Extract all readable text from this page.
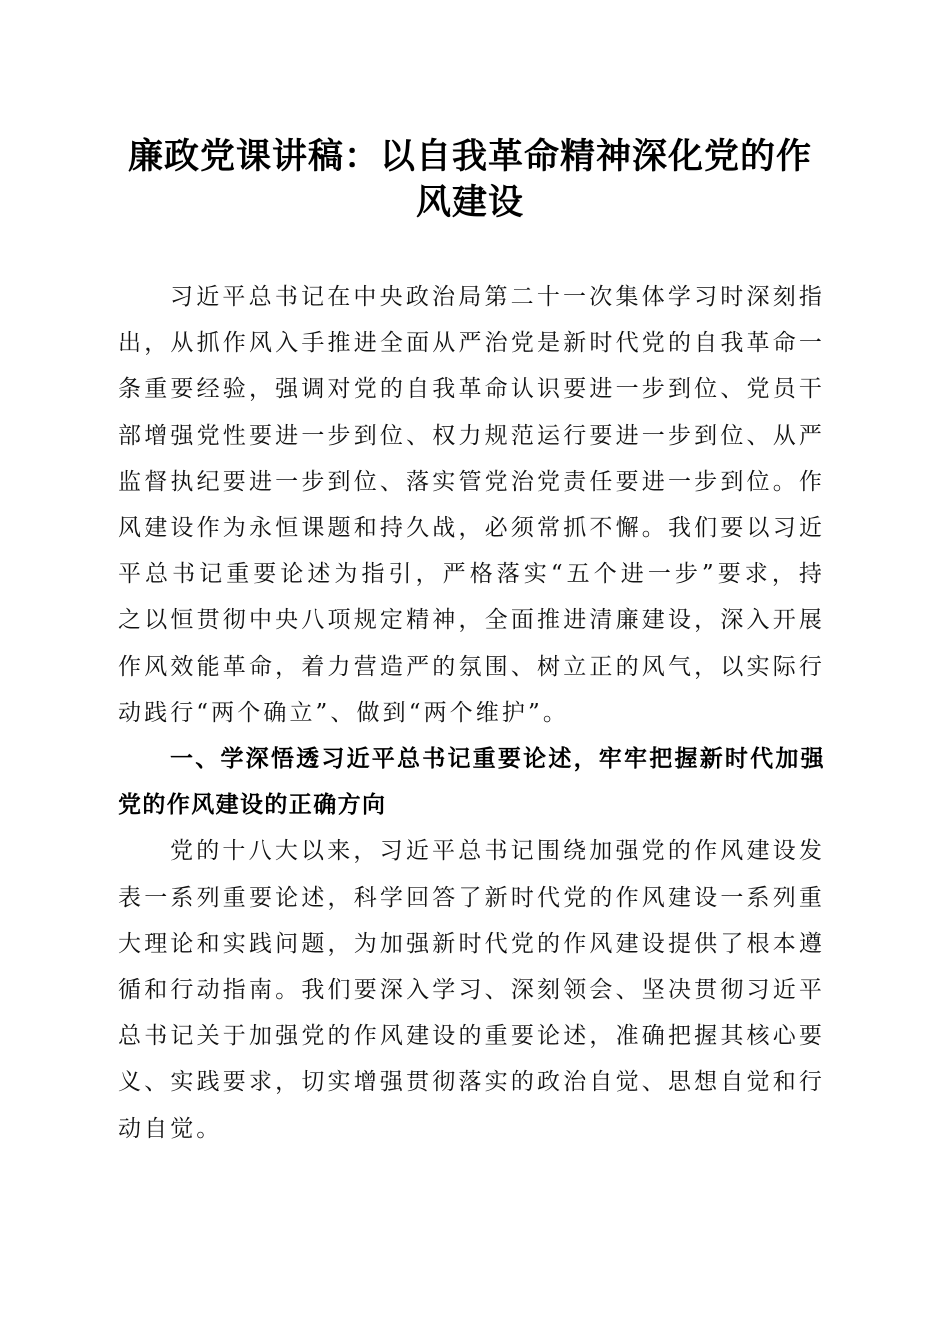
廉政党课讲稿：以自我革命精神深化党的作风建设

习近平总书记在中央政治局第二十一次集体学习时深刻指出，从抓作风入手推进全面从严治党是新时代党的自我革命一条重要经验，强调对党的自我革命认识要进一步到位、党员干部增强党性要进一步到位、权力规范运行要进一步到位、从严监督执纪要进一步到位、落实管党治党责任要进一步到位。作风建设作为永恒课题和持久战，必须常抓不懈。我们要以习近平总书记重要论述为指引，严格落实“五个进一步”要求，持之以恒贯彻中央八项规定精神，全面推进清廉建设，深入开展作风效能革命，着力营造严的氛围、树立正的风气，以实际行动践行“两个确立”、做到“两个维护”。

一、学深悟透习近平总书记重要论述，牢牢把握新时代加强党的作风建设的正确方向

党的十八大以来，习近平总书记围绕加强党的作风建设发表一系列重要论述，科学回答了新时代党的作风建设一系列重大理论和实践问题，为加强新时代党的作风建设提供了根本遵循和行动指南。我们要深入学习、深刻领会、坚决贯彻习近平总书记关于加强党的作风建设的重要论述，准确把握其核心要义、实践要求，切实增强贯彻落实的政治自觉、思想自觉和行动自觉。
